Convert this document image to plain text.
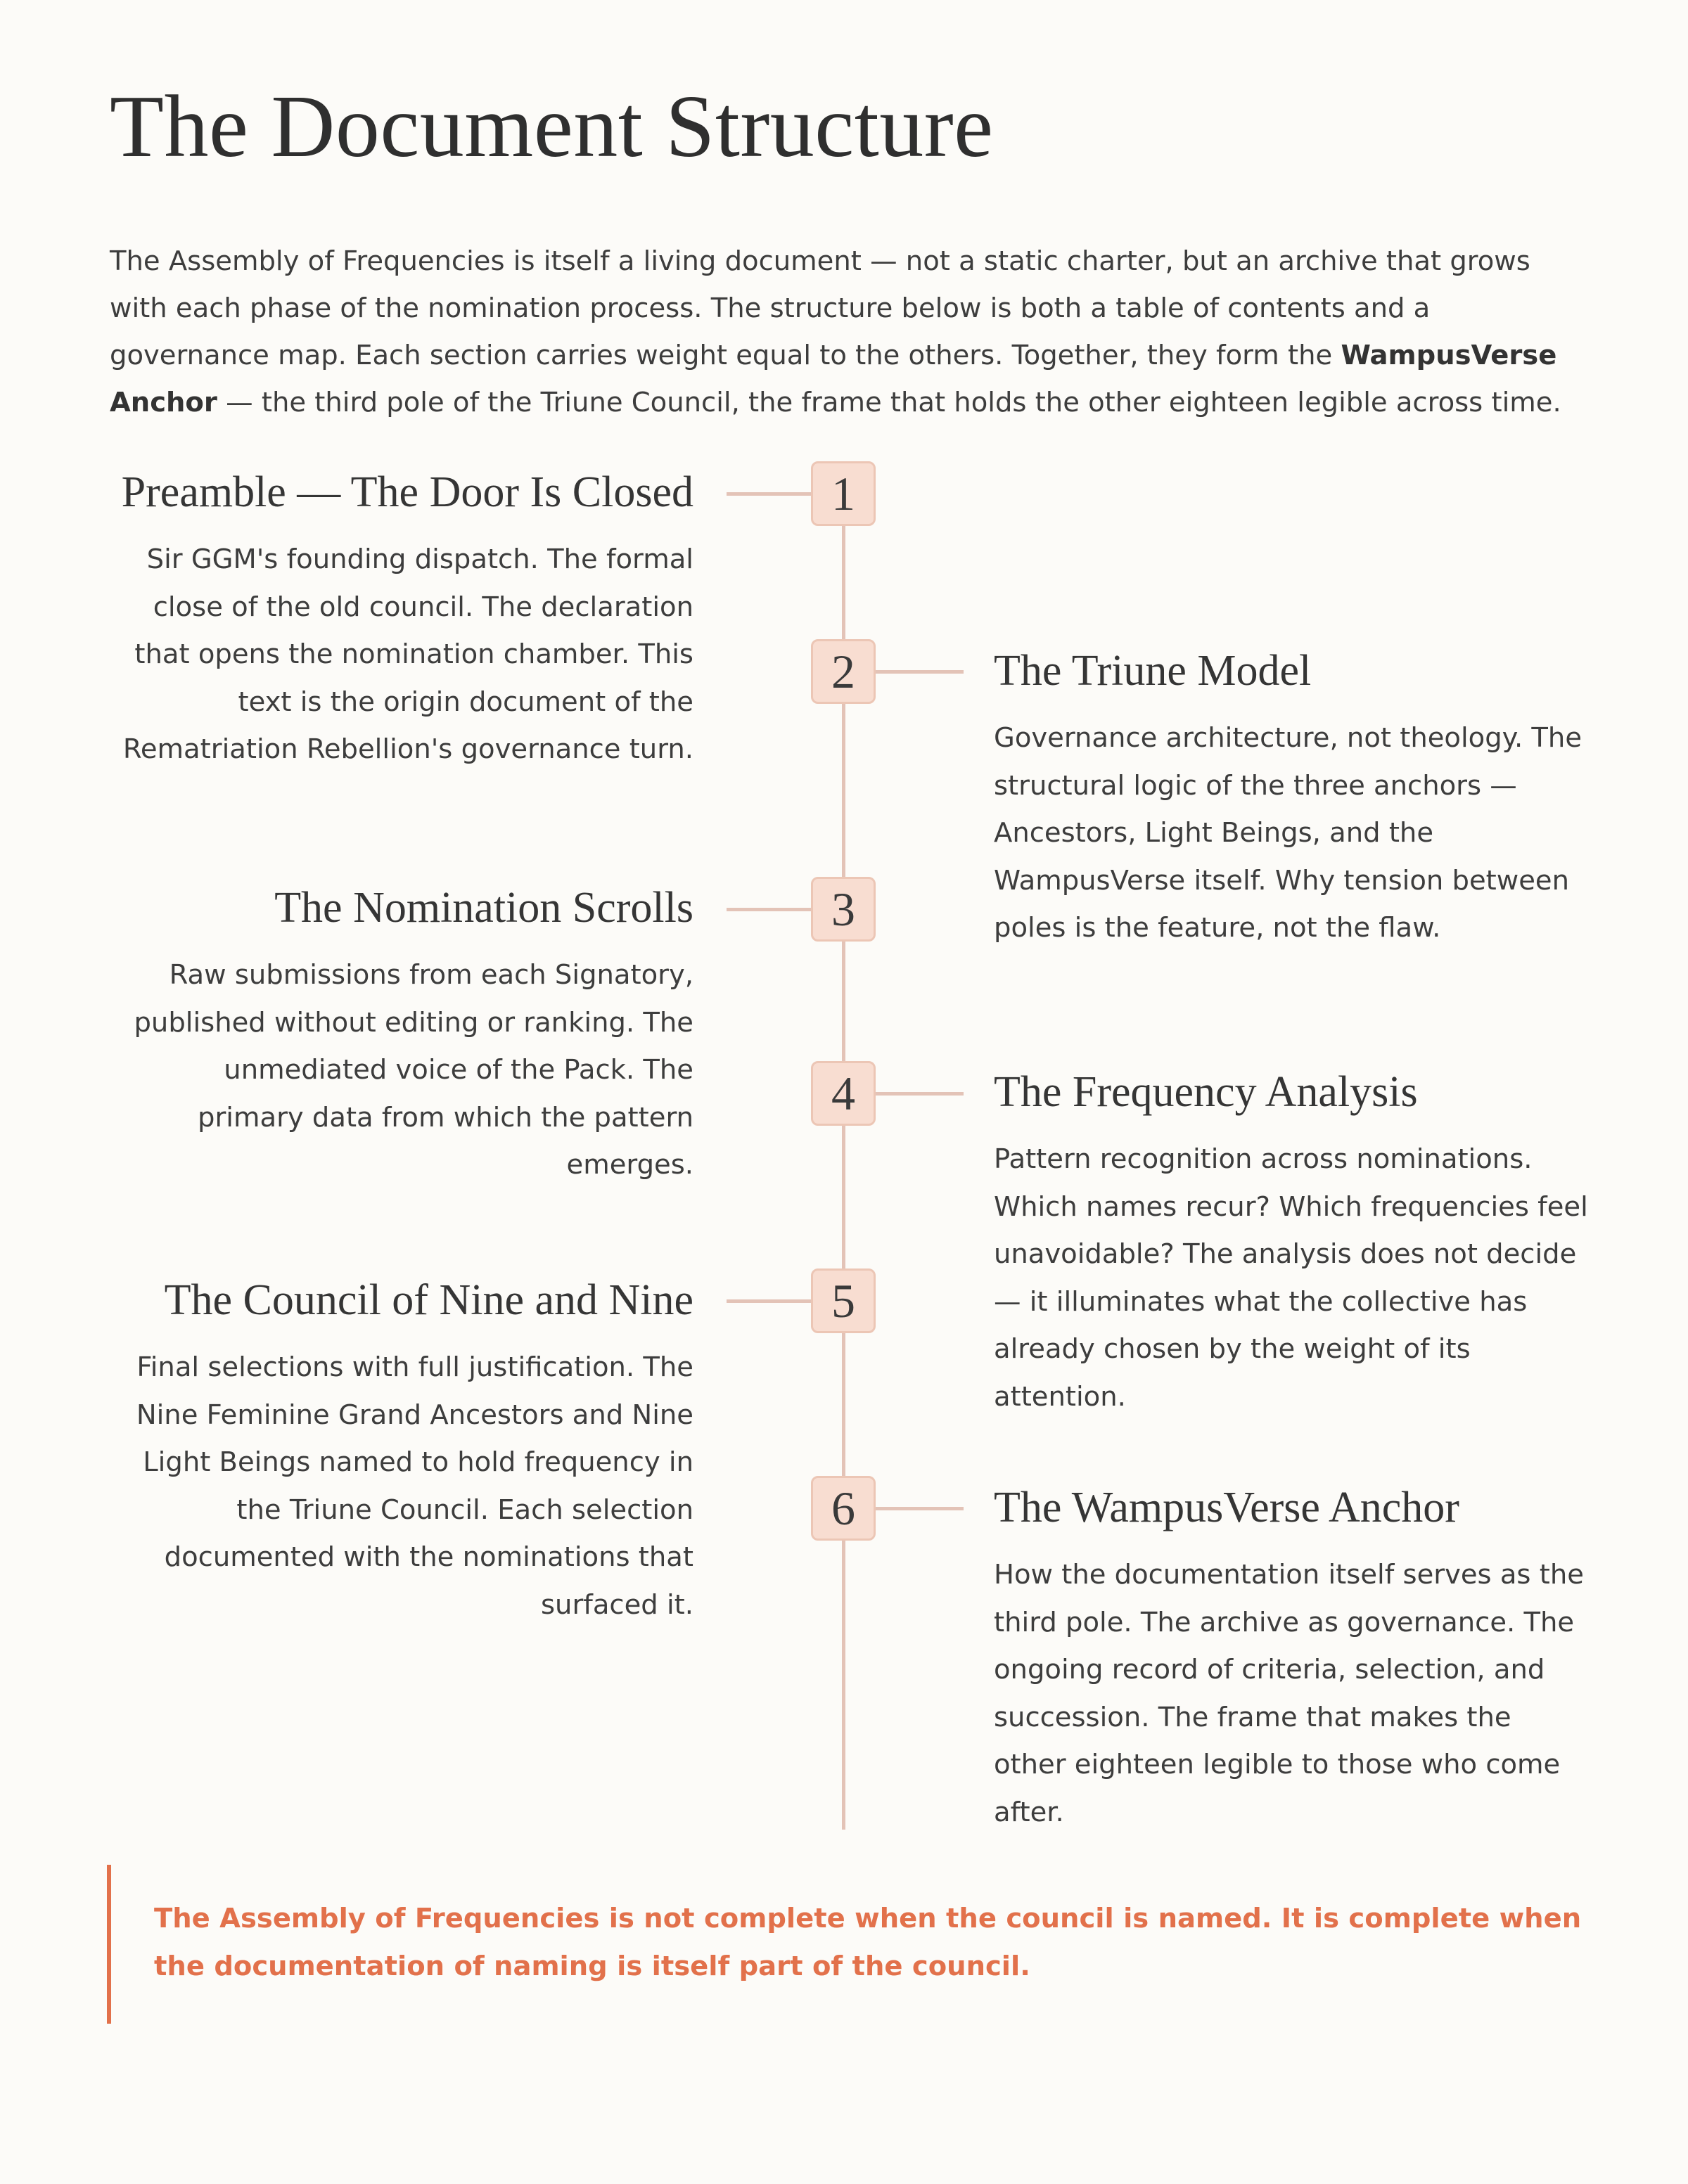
The Document Structure

The Assembly of Frequencies is itself a living document — not a static charter, but an archive that grows with each phase of the nomination process. The structure below is both a table of contents and a governance map. Each section carries weight equal to the others. Together, they form the WampusVerse Anchor — the third pole of the Triune Council, the frame that holds the other eighteen legible across time.

1
Preamble — The Door Is Closed

Sir GGM's founding dispatch. The formal close of the old council. The declaration that opens the nomination chamber. This text is the origin document of the Rematriation Rebellion's governance turn.

2	The Triune Model

Governance architecture, not theology. The structural logic of the three anchors — Ancestors, Light Beings, and the WampusVerse itself. Why tension between poles is the feature, not the flaw.

3
The Nomination Scrolls

Raw submissions from each Signatory, published without editing or ranking. The unmediated voice of the Pack. The primary data from which the pattern emerges.

4	The Frequency Analysis

Pattern recognition across nominations. Which names recur? Which frequencies feel unavoidable? The analysis does not decide — it illuminates what the collective has already chosen by the weight of its attention.

5
The Council of Nine and Nine

Final selections with full justification. The Nine Feminine Grand Ancestors and Nine Light Beings named to hold frequency in the Triune Council. Each selection documented with the nominations that surfaced it.

6	The WampusVerse Anchor

How the documentation itself serves as the third pole. The archive as governance. The ongoing record of criteria, selection, and succession. The frame that makes the other eighteen legible to those who come after.

The Assembly of Frequencies is not complete when the council is named. It is complete when the documentation of naming is itself part of the council.
